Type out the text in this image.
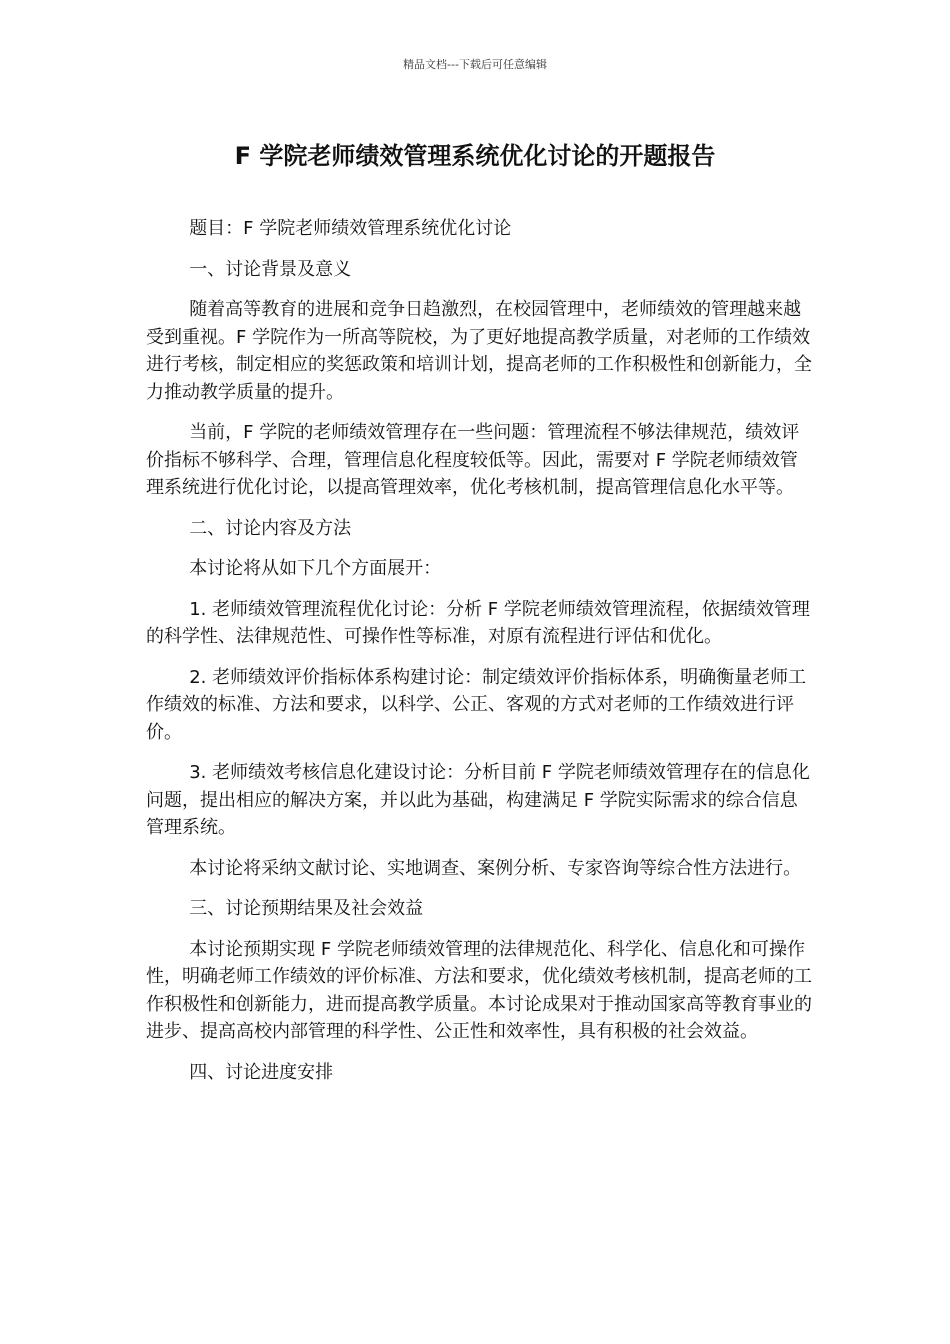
精品文档---下载后可任意编辑
F 学院老师绩效管理系统优化讨论的开题报告
题目：F 学院老师绩效管理系统优化讨论
一、讨论背景及意义
随着高等教育的进展和竞争日趋激烈，在校园管理中，老师绩效的管理越来越受到重视。F 学院作为一所高等院校，为了更好地提高教学质量，对老师的工作绩效进行考核，制定相应的奖惩政策和培训计划，提高老师的工作积极性和创新能力，全力推动教学质量的提升。
当前，F 学院的老师绩效管理存在一些问题：管理流程不够法律规范，绩效评价指标不够科学、合理，管理信息化程度较低等。因此，需要对 F 学院老师绩效管理系统进行优化讨论，以提高管理效率，优化考核机制，提高管理信息化水平等。
二、讨论内容及方法
本讨论将从如下几个方面展开：
1. 老师绩效管理流程优化讨论：分析 F 学院老师绩效管理流程，依据绩效管理的科学性、法律规范性、可操作性等标准，对原有流程进行评估和优化。
2. 老师绩效评价指标体系构建讨论：制定绩效评价指标体系，明确衡量老师工作绩效的标准、方法和要求，以科学、公正、客观的方式对老师的工作绩效进行评价。
3. 老师绩效考核信息化建设讨论：分析目前 F 学院老师绩效管理存在的信息化问题，提出相应的解决方案，并以此为基础，构建满足 F 学院实际需求的综合信息管理系统。
本讨论将采纳文献讨论、实地调查、案例分析、专家咨询等综合性方法进行。
三、讨论预期结果及社会效益
本讨论预期实现 F 学院老师绩效管理的法律规范化、科学化、信息化和可操作性，明确老师工作绩效的评价标准、方法和要求，优化绩效考核机制，提高老师的工作积极性和创新能力，进而提高教学质量。本讨论成果对于推动国家高等教育事业的进步、提高高校内部管理的科学性、公正性和效率性，具有积极的社会效益。
四、讨论进度安排
